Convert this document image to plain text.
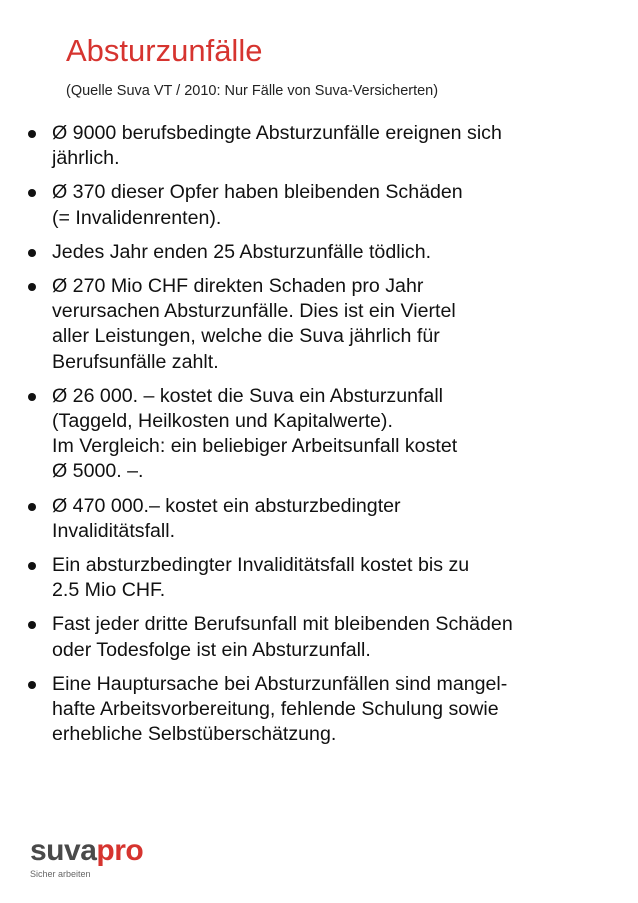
Absturzunfälle
(Quelle Suva VT / 2010: Nur Fälle von Suva-Versicherten)
Ø 9000 berufsbedingte Absturzunfälle ereignen sich
jährlich.
Ø 370 dieser Opfer haben bleibenden Schäden
(= Invalidenrenten).
Jedes Jahr enden 25 Absturzunfälle tödlich.
Ø 270 Mio CHF direkten Schaden pro Jahr
verursachen Absturzunfälle. Dies ist ein Viertel
aller Leistungen, welche die Suva jährlich für
Berufsunfälle zahlt.
Ø 26 000. – kostet die Suva ein Absturzunfall
(Taggeld, Heilkosten und Kapitalwerte).
Im Vergleich: ein beliebiger Arbeitsunfall kostet
Ø 5000. –.
Ø 470 000.– kostet ein absturzbedingter
Invaliditätsfall.
Ein absturzbedingter Invaliditätsfall kostet bis zu
2.5 Mio CHF.
Fast jeder dritte Berufsunfall mit bleibenden Schäden
oder Todesfolge ist ein Absturzunfall.
Eine Hauptursache bei Absturzunfällen sind mangel-
hafte Arbeitsvorbereitung, fehlende Schulung sowie
erhebliche Selbstüberschätzung.
suvapro
Sicher arbeiten
